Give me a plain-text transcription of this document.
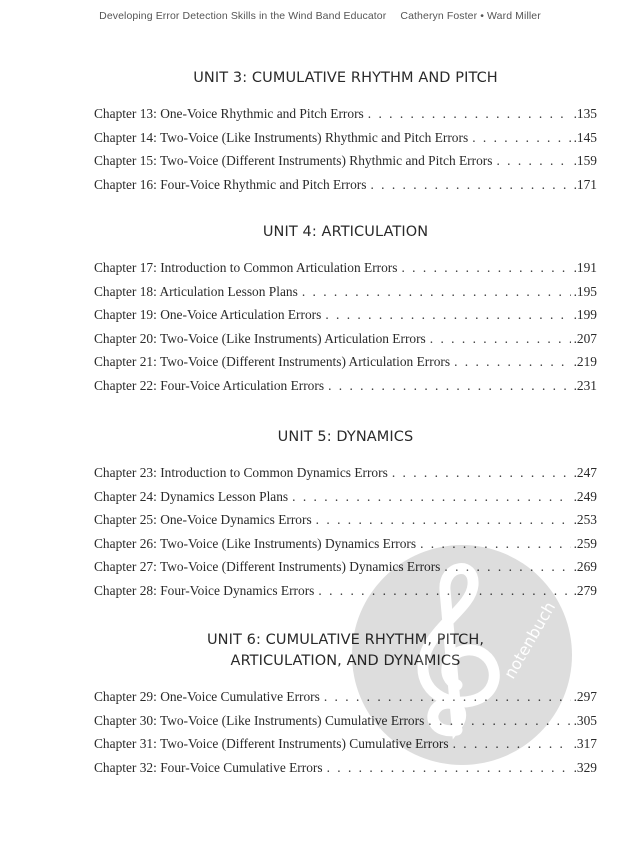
Developing Error Detection Skills in the Wind Band Educator Catheryn Foster • Ward Miller
UNIT 3: CUMULATIVE RHYTHM AND PITCH
Chapter 13: One-Voice Rhythmic and Pitch Errors . . .	.135
Chapter 14: Two-Voice (Like Instruments) Rhythmic and Pitch Errors . . .	.145
Chapter 15: Two-Voice (Different Instruments) Rhythmic and Pitch Errors . . .	.159
Chapter 16: Four-Voice Rhythmic and Pitch Errors . . .	.171
UNIT 4: ARTICULATION
Chapter 17: Introduction to Common Articulation Errors . . .	.191
Chapter 18: Articulation Lesson Plans . . .	.195
Chapter 19: One-Voice Articulation Errors . . .	.199
Chapter 20: Two-Voice (Like Instruments) Articulation Errors . . .	.207
Chapter 21: Two-Voice (Different Instruments) Articulation Errors . . .	.219
Chapter 22: Four-Voice Articulation Errors . . .	.231
UNIT 5: DYNAMICS
Chapter 23: Introduction to Common Dynamics Errors . . .	.247
Chapter 24: Dynamics Lesson Plans . . .	.249
Chapter 25: One-Voice Dynamics Errors . . .	.253
Chapter 26: Two-Voice (Like Instruments) Dynamics Errors . . .	.259
Chapter 27: Two-Voice (Different Instruments) Dynamics Errors . . .	.269
Chapter 28: Four-Voice Dynamics Errors . . .	.279
UNIT 6: CUMULATIVE RHYTHM, PITCH,
ARTICULATION, AND DYNAMICS
Chapter 29: One-Voice Cumulative Errors . . .	.297
Chapter 30: Two-Voice (Like Instruments) Cumulative Errors . . .	.305
Chapter 31: Two-Voice (Different Instruments) Cumulative Errors . . .	.317
Chapter 32: Four-Voice Cumulative Errors . . .	.329
notenbuch
